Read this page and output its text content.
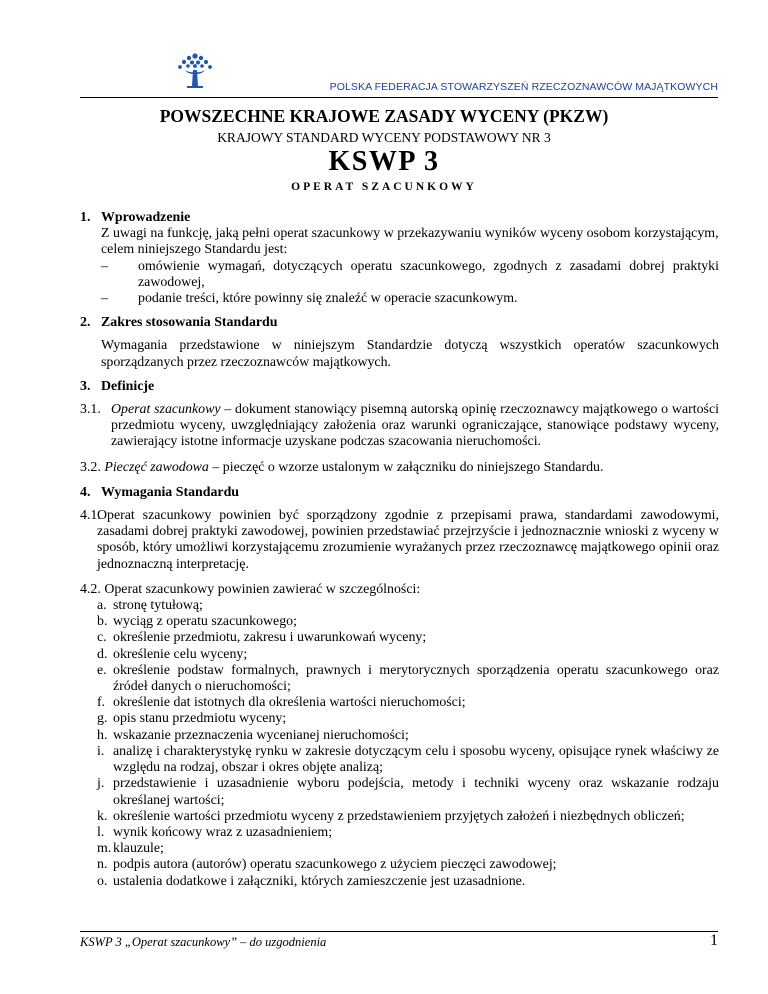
POLSKA FEDERACJA STOWARZYSZEŃ RZECZOZNAWCÓW MAJĄTKOWYCH
POWSZECHNE KRAJOWE ZASADY WYCENY (PKZW)
KRAJOWY STANDARD WYCENY PODSTAWOWY NR 3
KSWP 3
OPERAT SZACUNKOWY
1. Wprowadzenie
Z uwagi na funkcję, jaką pełni operat szacunkowy w przekazywaniu wyników wyceny osobom korzystającym, celem niniejszego Standardu jest:
– omówienie wymagań, dotyczących operatu szacunkowego, zgodnych z zasadami dobrej praktyki zawodowej,
– podanie treści, które powinny się znaleźć w operacie szacunkowym.
2. Zakres stosowania Standardu
Wymagania przedstawione w niniejszym Standardzie dotyczą wszystkich operatów szacunkowych sporządzanych przez rzeczoznawców majątkowych.
3. Definicje
3.1. Operat szacunkowy – dokument stanowiący pisemną autorską opinię rzeczoznawcy majątkowego o wartości przedmiotu wyceny, uwzględniający założenia oraz warunki ograniczające, stanowiące podstawy wyceny, zawierający istotne informacje uzyskane podczas szacowania nieruchomości.
3.2. Pieczęć zawodowa – pieczęć o wzorze ustalonym w załączniku do niniejszego Standardu.
4. Wymagania Standardu
4.1.
Operat szacunkowy powinien być sporządzony zgodnie z przepisami prawa, standardami zawodowymi, zasadami dobrej praktyki zawodowej, powinien przedstawiać przejrzyście i jednoznacznie wnioski z wyceny w sposób, który umożliwi korzystającemu zrozumienie wyrażanych przez rzeczoznawcę majątkowego opinii oraz jednoznaczną interpretację.
4.2. Operat szacunkowy powinien zawierać w szczególności:
a. stronę tytułową;
b. wyciąg z operatu szacunkowego;
c. określenie przedmiotu, zakresu i uwarunkowań wyceny;
d. określenie celu wyceny;
e. określenie podstaw formalnych, prawnych i merytorycznych sporządzenia operatu szacunkowego oraz źródeł danych o nieruchomości;
f. określenie dat istotnych dla określenia wartości nieruchomości;
g. opis stanu przedmiotu wyceny;
h. wskazanie przeznaczenia wycenianej nieruchomości;
i. analizę i charakterystykę rynku w zakresie dotyczącym celu i sposobu wyceny, opisujące rynek właściwy ze względu na rodzaj, obszar i okres objęte analizą;
j. przedstawienie i uzasadnienie wyboru podejścia, metody i techniki wyceny oraz wskazanie rodzaju określanej wartości;
k. określenie wartości przedmiotu wyceny z przedstawieniem przyjętych założeń i niezbędnych obliczeń;
l. wynik końcowy wraz z uzasadnieniem;
m. klauzule;
n. podpis autora (autorów) operatu szacunkowego z użyciem pieczęci zawodowej;
o. ustalenia dodatkowe i załączniki, których zamieszczenie jest uzasadnione.
KSWP 3 „Operat szacunkowy” – do uzgodnienia	1
